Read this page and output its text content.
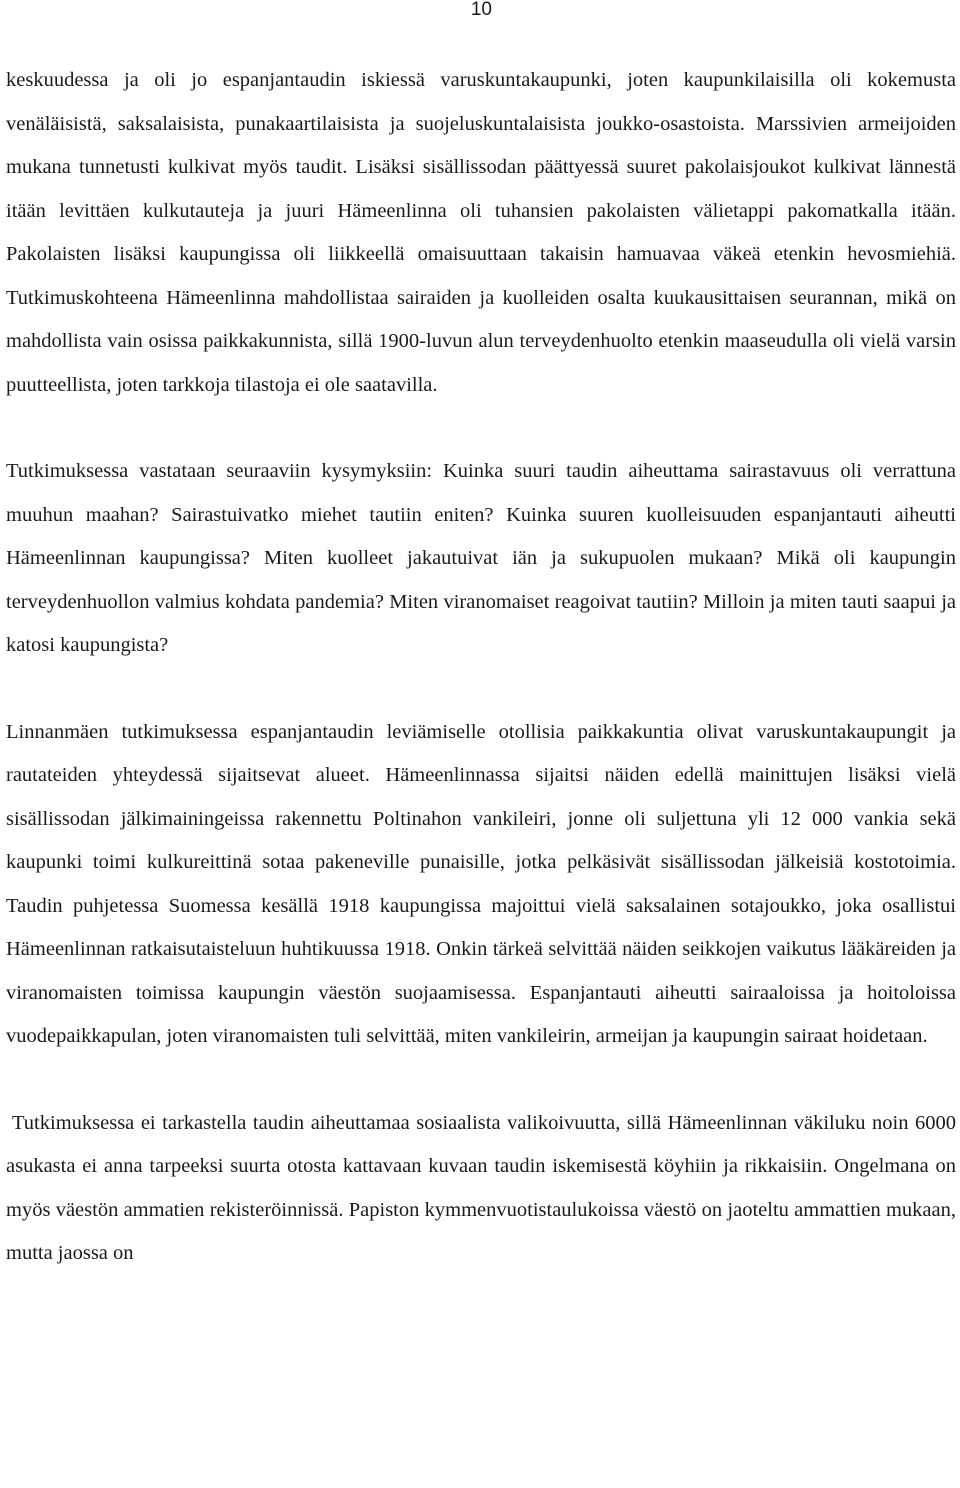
10

keskuudessa ja oli jo espanjantaudin iskiessä varuskuntakaupunki, joten kaupunkilaisilla oli kokemusta venäläisistä, saksalaisista, punakaartilaisista ja suojeluskuntalaisista joukko-osastoista. Marssivien armeijoiden mukana tunnetusti kulkivat myös taudit. Lisäksi sisällissodan päättyessä suuret pakolaisjoukot kulkivat lännestä itään levittäen kulkutauteja ja juuri Hämeenlinna oli tuhansien pakolaisten välietappi pakomatkalla itään. Pakolaisten lisäksi kaupungissa oli liikkeellä omaisuuttaan takaisin hamuavaa väkeä etenkin hevosmiehiä. Tutkimuskohteena Hämeenlinna mahdollistaa sairaiden ja kuolleiden osalta kuukausittaisen seurannan, mikä on mahdollista vain osissa paikkakunnista, sillä 1900-luvun alun terveydenhuolto etenkin maaseudulla oli vielä varsin puutteellista, joten tarkkoja tilastoja ei ole saatavilla.

Tutkimuksessa vastataan seuraaviin kysymyksiin: Kuinka suuri taudin aiheuttama sairastavuus oli verrattuna muuhun maahan? Sairastuivatko miehet tautiin eniten? Kuinka suuren kuolleisuuden espanjantauti aiheutti Hämeenlinnan kaupungissa? Miten kuolleet jakautuivat iän ja sukupuolen mukaan? Mikä oli kaupungin terveydenhuollon valmius kohdata pandemia? Miten viranomaiset reagoivat tautiin? Milloin ja miten tauti saapui ja katosi kaupungista?

Linnanmäen tutkimuksessa espanjantaudin leviämiselle otollisia paikkakuntia olivat varuskuntakaupungit ja rautateiden yhteydessä sijaitsevat alueet. Hämeenlinnassa sijaitsi näiden edellä mainittujen lisäksi vielä sisällissodan jälkimainingeissa rakennettu Poltinahon vankileiri, jonne oli suljettuna yli 12 000 vankia sekä kaupunki toimi kulkureittinä sotaa pakeneville punaisille, jotka pelkäsivät sisällissodan jälkeisiä kostotoimia. Taudin puhjetessa Suomessa kesällä 1918 kaupungissa majoittui vielä saksalainen sotajoukko, joka osallistui Hämeenlinnan ratkaisutaisteluun huhtikuussa 1918. Onkin tärkeä selvittää näiden seikkojen vaikutus lääkäreiden ja viranomaisten toimissa kaupungin väestön suojaamisessa. Espanjantauti aiheutti sairaaloissa ja hoitoloissa vuodepaikkapulan, joten viranomaisten tuli selvittää, miten vankileirin, armeijan ja kaupungin sairaat hoidetaan.

Tutkimuksessa ei tarkastella taudin aiheuttamaa sosiaalista valikoivuutta, sillä Hämeenlinnan väkiluku noin 6000 asukasta ei anna tarpeeksi suurta otosta kattavaan kuvaan taudin iskemisestä köyhiin ja rikkaisiin. Ongelmana on myös väestön ammatien rekisteröinnissä. Papiston kymmenvuotistaulukoissa väestö on jaoteltu ammattien mukaan, mutta jaossa on
